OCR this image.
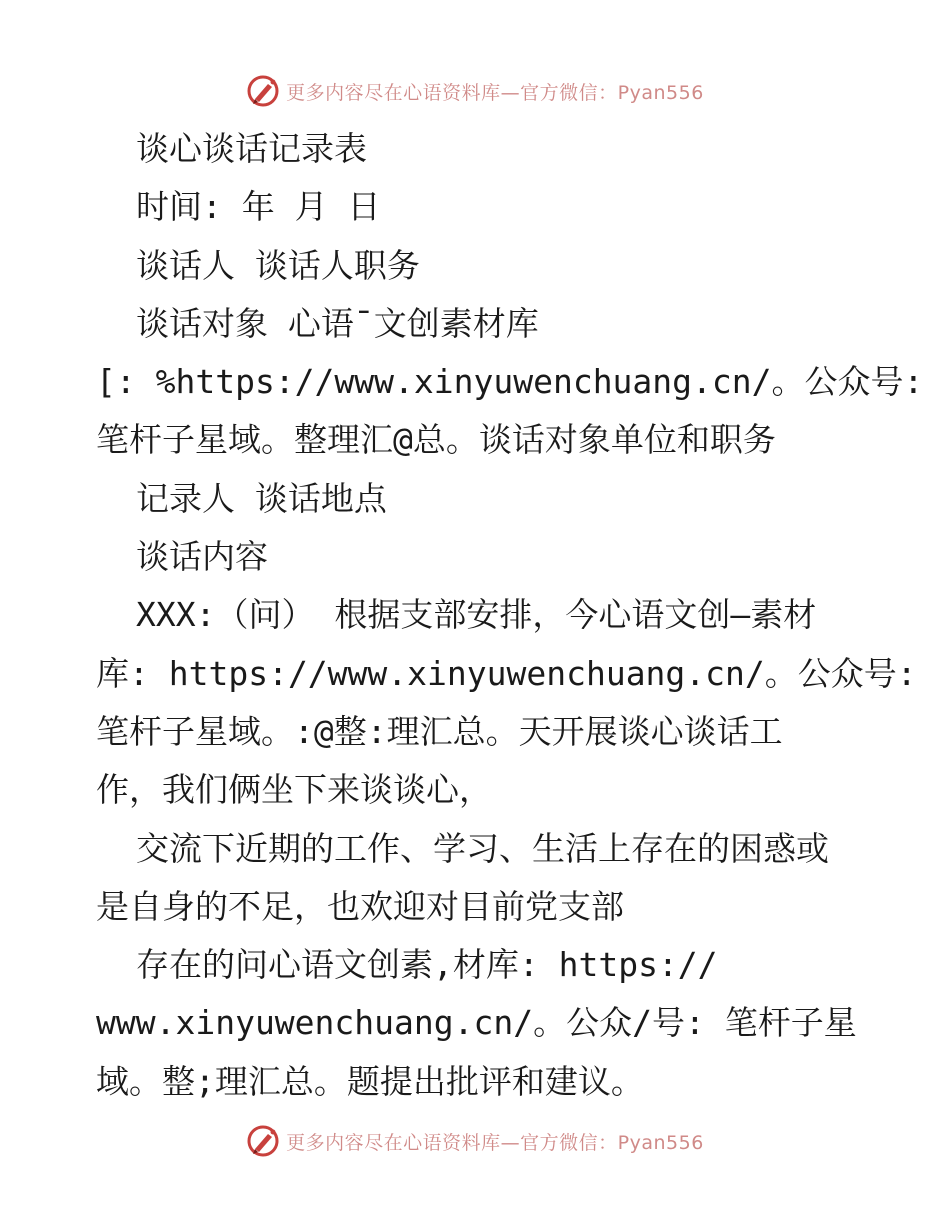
更多内容尽在心语资料库—官方微信：Pyan556
谈心谈话记录表
时间: 年 月 日
谈话人 谈话人职务
谈话对象 心语¯文创素材库
[: %https://www.xinyuwenchuang.cn/。公众号:
笔杆子星域。整理汇@总。谈话对象单位和职务
记录人 谈话地点
谈话内容
XXX:（问） 根据支部安排，今心语文创—素材
库: https://www.xinyuwenchuang.cn/。公众号:
笔杆子星域。:@整:理汇总。天开展谈心谈话工
作，我们俩坐下来谈谈心，
交流下近期的工作、学习、生活上存在的困惑或
是自身的不足，也欢迎对目前党支部
存在的问心语文创素,材库: https://
www.xinyuwenchuang.cn/。公众/号: 笔杆子星
域。整;理汇总。题提出批评和建议。
更多内容尽在心语资料库—官方微信：Pyan556
